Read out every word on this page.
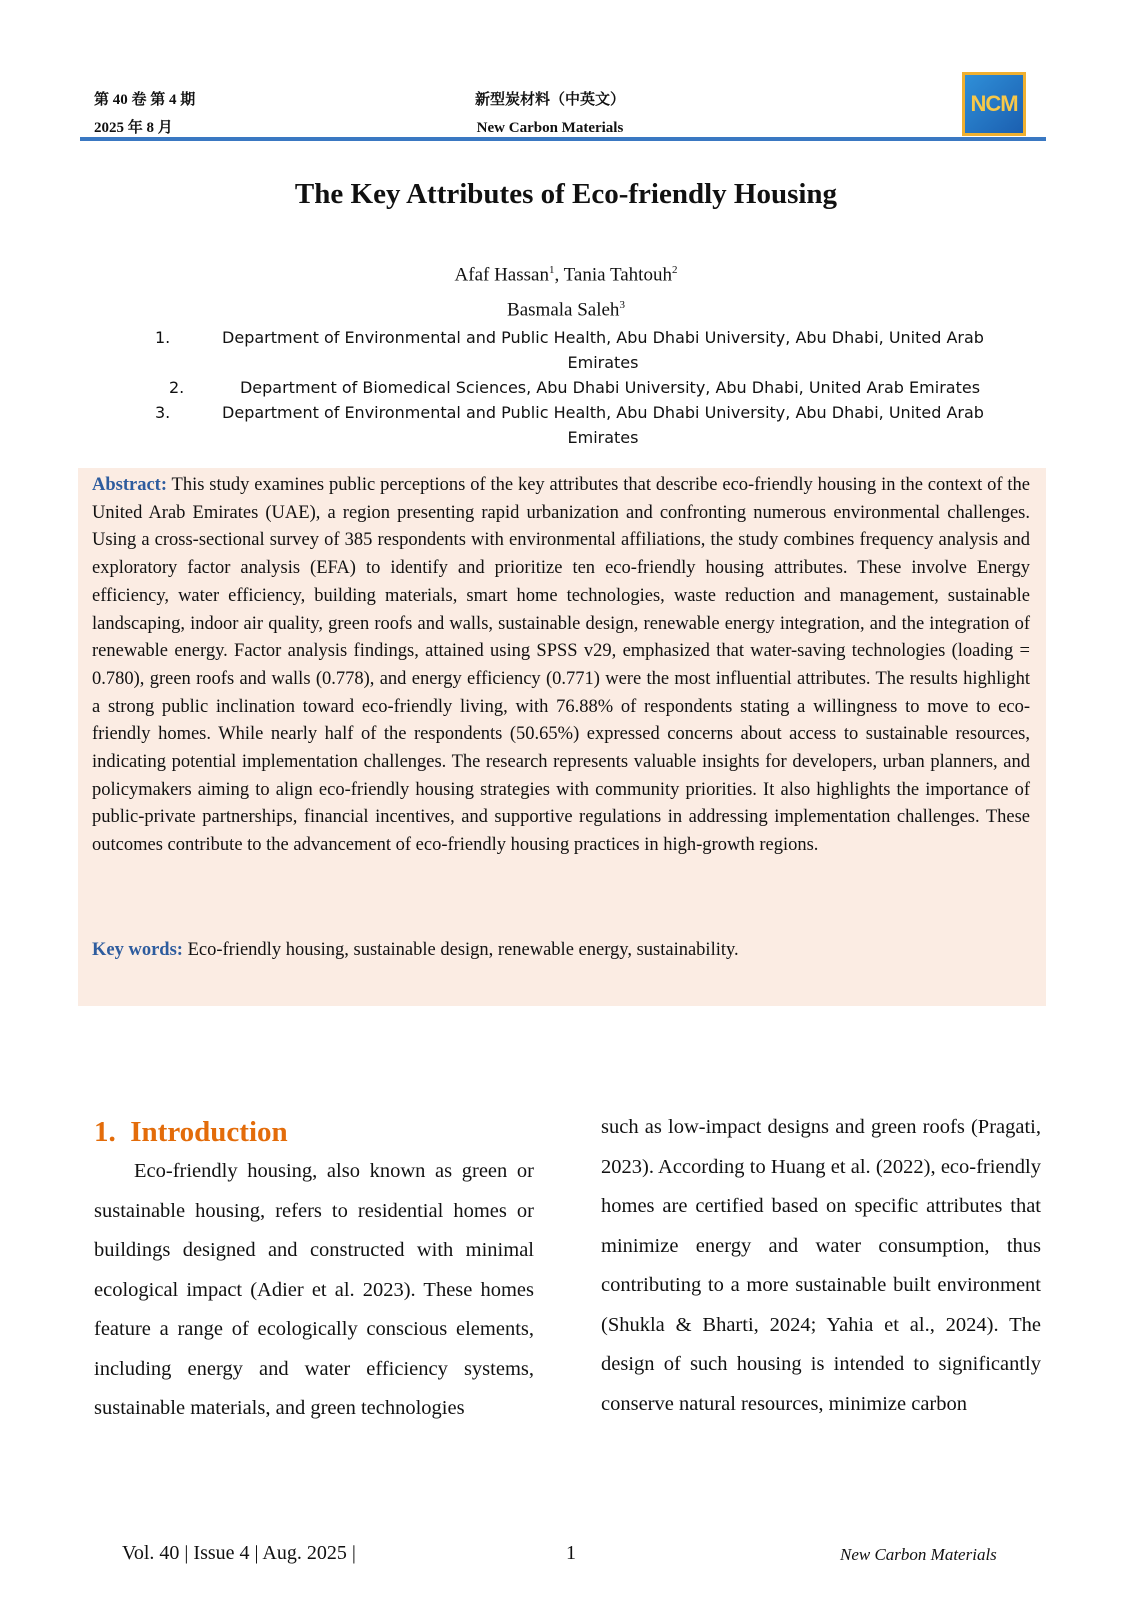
第 40 卷 第 4 期
2025 年 8 月
新型炭材料（中英文）
New Carbon Materials
NCM
The Key Attributes of Eco-friendly Housing
Afaf Hassan$^1$, Tania Tahtouh$^2$
Basmala Saleh$^3$
1.	Department of Environmental and Public Health, Abu Dhabi University, Abu Dhabi, United Arab Emirates
2.	Department of Biomedical Sciences, Abu Dhabi University, Abu Dhabi, United Arab Emirates
3.	Department of Environmental and Public Health, Abu Dhabi University, Abu Dhabi, United Arab Emirates
Abstract: This study examines public perceptions of the key attributes that describe eco-friendly housing in the context of the United Arab Emirates (UAE), a region presenting rapid urbanization and confronting numerous environmental challenges. Using a cross-sectional survey of 385 respondents with environmental affiliations, the study combines frequency analysis and exploratory factor analysis (EFA) to identify and prioritize ten eco-friendly housing attributes. These involve Energy efficiency, water efficiency, building materials, smart home technologies, waste reduction and management, sustainable landscaping, indoor air quality, green roofs and walls, sustainable design, renewable energy integration, and the integration of renewable energy. Factor analysis findings, attained using SPSS v29, emphasized that water-saving technologies (loading = 0.780), green roofs and walls (0.778), and energy efficiency (0.771) were the most influential attributes. The results highlight a strong public inclination toward eco-friendly living, with 76.88% of respondents stating a willingness to move to eco-friendly homes. While nearly half of the respondents (50.65%) expressed concerns about access to sustainable resources, indicating potential implementation challenges. The research represents valuable insights for developers, urban planners, and policymakers aiming to align eco-friendly housing strategies with community priorities. It also highlights the importance of public-private partnerships, financial incentives, and supportive regulations in addressing implementation challenges. These outcomes contribute to the advancement of eco-friendly housing practices in high-growth regions.
Key words: Eco-friendly housing, sustainable design, renewable energy, sustainability.
1. Introduction
Eco-friendly housing, also known as green or sustainable housing, refers to residential homes or buildings designed and constructed with minimal ecological impact (Adier et al. 2023). These homes feature a range of ecologically conscious elements, including energy and water efficiency systems, sustainable materials, and green technologies
such as low-impact designs and green roofs (Pragati, 2023). According to Huang et al. (2022), eco-friendly homes are certified based on specific attributes that minimize energy and water consumption, thus contributing to a more sustainable built environment (Shukla & Bharti, 2024; Yahia et al., 2024). The design of such housing is intended to significantly conserve natural resources, minimize carbon
Vol. 40 | Issue 4 | Aug. 2025 |	1	New Carbon Materials
